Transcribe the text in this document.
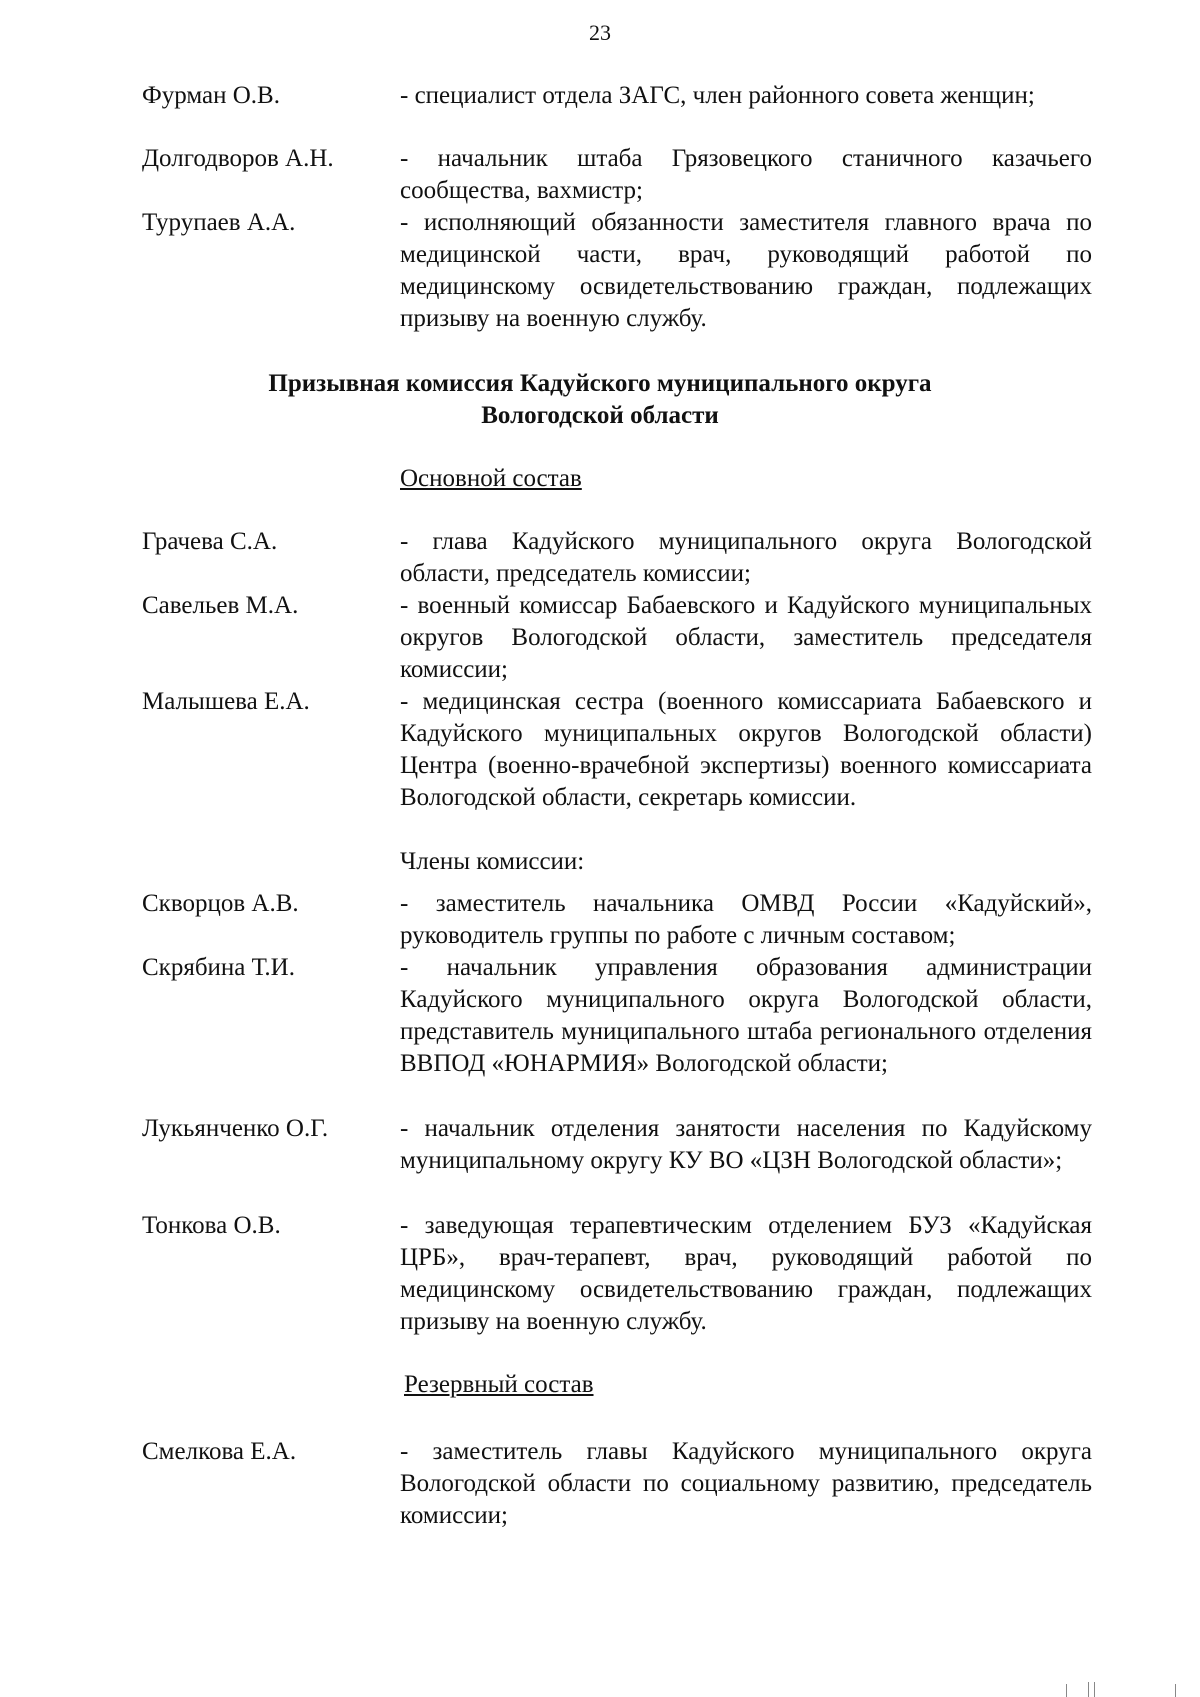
23
Фурман О.В.	- специалист отдела ЗАГС, член районного совета женщин;
Долгодворов А.Н.	- начальник штаба Грязовецкого станичного казачьего сообщества, вахмистр;
Турупаев А.А.	- исполняющий обязанности заместителя главного врача по медицинской части, врач, руководящий работой по медицинскому освидетельствованию граждан, подлежащих призыву на военную службу.
Призывная комиссия Кадуйского муниципального округа
Вологодской области
Основной состав
Грачева С.А.	- глава Кадуйского муниципального округа Вологодской области, председатель комиссии;
Савельев М.А.	- военный комиссар Бабаевского и Кадуйского муниципальных округов Вологодской области, заместитель председателя комиссии;
Малышева Е.А.	- медицинская сестра (военного комиссариата Бабаевского и Кадуйского муниципальных округов Вологодской области) Центра (военно-врачебной экспертизы) военного комиссариата Вологодской области, секретарь комиссии.
Члены комиссии:
Скворцов А.В.	- заместитель начальника ОМВД России «Кадуйский», руководитель группы по работе с личным составом;
Скрябина Т.И.	- начальник управления образования администрации Кадуйского муниципального округа Вологодской области, представитель муниципального штаба регионального отделения ВВПОД «ЮНАРМИЯ» Вологодской области;
Лукьянченко О.Г.	- начальник отделения занятости населения по Кадуйскому муниципальному округу КУ ВО «ЦЗН Вологодской области»;
Тонкова О.В.	- заведующая терапевтическим отделением БУЗ «Кадуйская ЦРБ», врач-терапевт, врач, руководящий работой по медицинскому освидетельствованию граждан, подлежащих призыву на военную службу.
Резервный состав
Смелкова Е.А.	- заместитель главы Кадуйского муниципального округа Вологодской области по социальному развитию, председатель комиссии;
